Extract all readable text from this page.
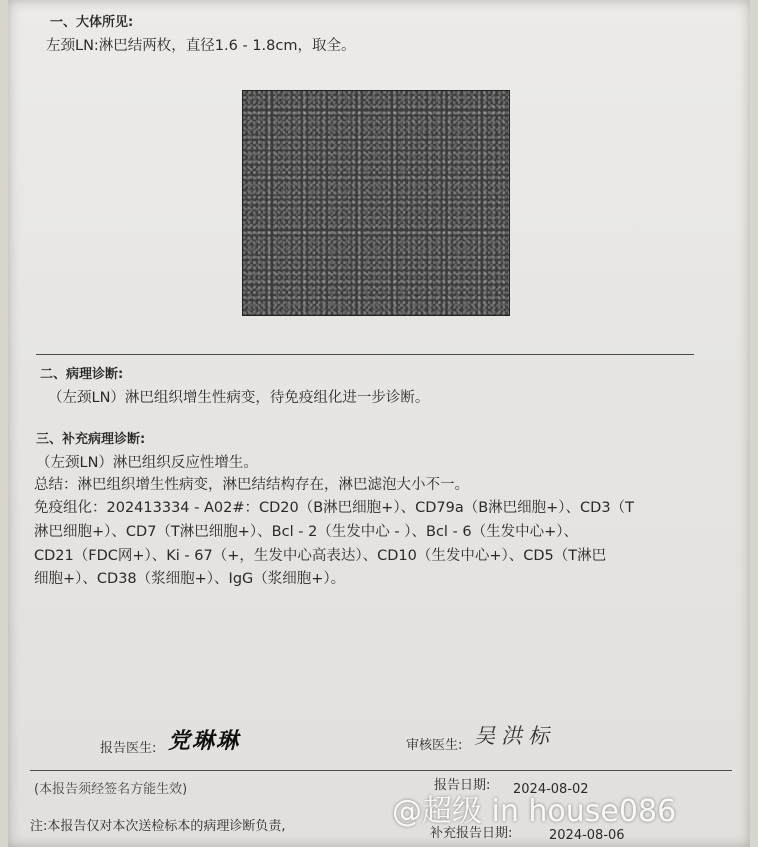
一、大体所见:
左颈LN:淋巴结两枚，直径1.6 - 1.8cm，取全。
二、病理诊断:
（左颈LN）淋巴组织增生性病变，待免疫组化进一步诊断。
三、补充病理诊断:
（左颈LN）淋巴组织反应性增生。
总结：淋巴组织增生性病变，淋巴结结构存在，淋巴滤泡大小不一。
免疫组化：202413334 - A02#：CD20（B淋巴细胞+）、CD79a（B淋巴细胞+）、CD3（T
淋巴细胞+）、CD7（T淋巴细胞+）、Bcl - 2（生发中心 - ）、Bcl - 6（生发中心+）、
CD21（FDC网+）、Ki - 67（+，生发中心高表达）、CD10（生发中心+）、CD5（T淋巴
细胞+）、CD38（浆细胞+）、IgG（浆细胞+）。
报告医生: 党琳琳	审核医生: 吴洪标
(本报告须经签名方能生效)	报告日期: 2024-08-02
注:本报告仅对本次送检标本的病理诊断负责,	补充报告日期:	2024-08-06
@超级 in house086
